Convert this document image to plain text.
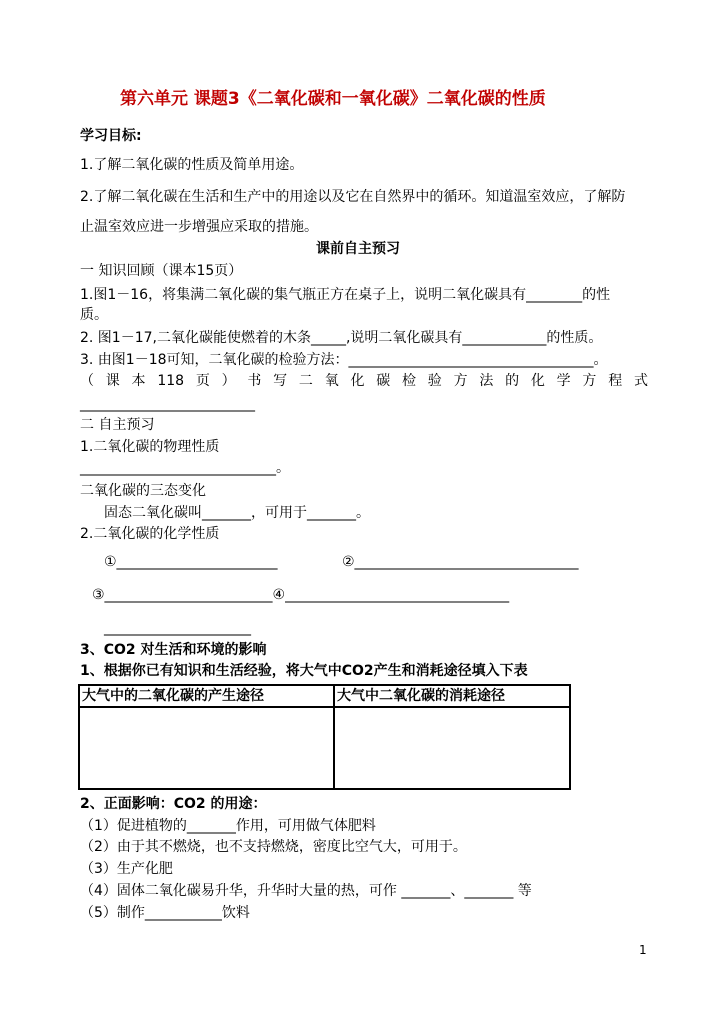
第六单元 课题3《二氧化碳和一氧化碳》二氧化碳的性质
学习目标:
1.了解二氧化碳的性质及简单用途。
2.了解二氧化碳在生活和生产中的用途以及它在自然界中的循环。知道温室效应，了解防
止温室效应进一步增强应采取的措施。
课前自主预习
一 知识回顾（课本15页）
1.图1－16，将集满二氧化碳的集气瓶正方在桌子上，说明二氧化碳具有________的性
质。
2. 图1－17,二氧化碳能使燃着的木条_____,说明二氧化碳具有____________的性质。
3. 由图1－18可知，二氧化碳的检验方法：___________________________________。
（课本118页）书写二氧化碳检验方法的化学方程式
_________________________
二 自主预习
1.二氧化碳的物理性质
____________________________。
二氧化碳的三态变化
固态二氧化碳叫_______，可用于_______。
2.二氧化碳的化学性质
①_______________________	②________________________________
③________________________④________________________________
_____________________
3、CO2 对生活和环境的影响
1、根据你已有知识和生活经验，将大气中CO2产生和消耗途径填入下表
大气中的二氧化碳的产生途径	大气中二氧化碳的消耗途径

2、正面影响：CO2 的用途：
（1）促进植物的_______作用，可用做气体肥料
（2）由于其不燃烧，也不支持燃烧，密度比空气大，可用于。
（3）生产化肥
（4）固体二氧化碳易升华，升华时大量的热，可作 _______、_______ 等
（5）制作___________饮料
1
